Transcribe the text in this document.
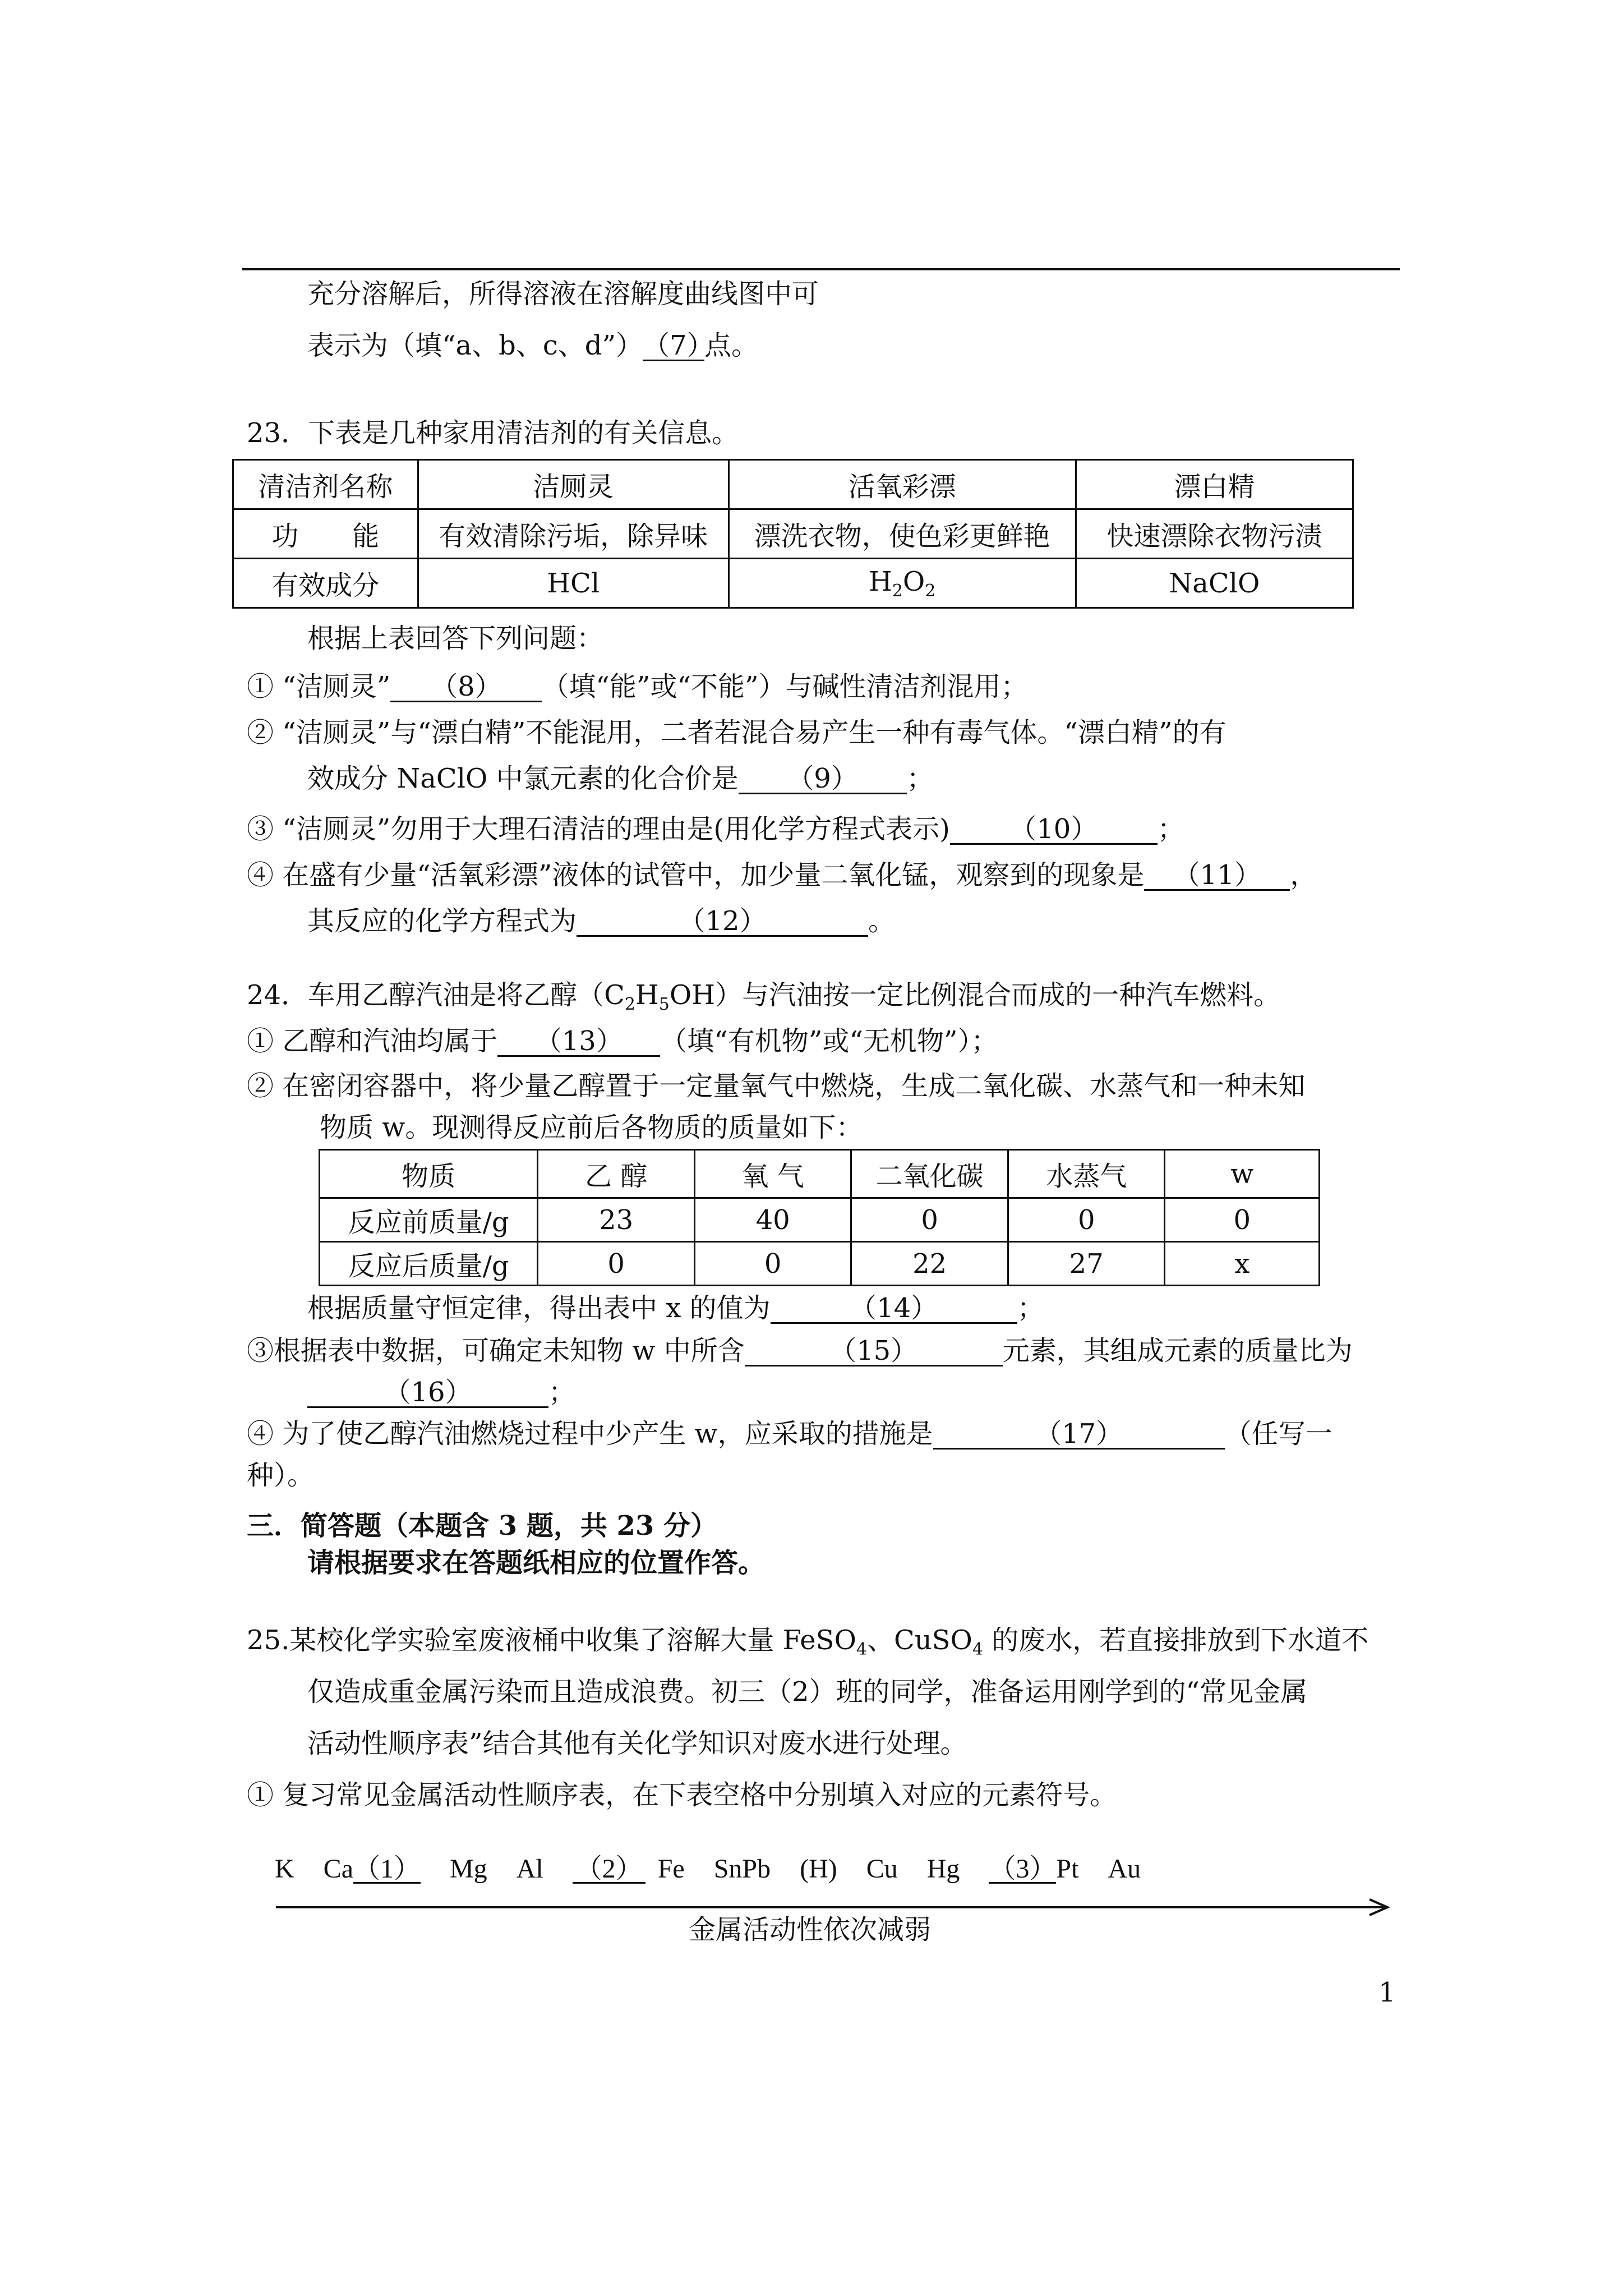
充分溶解后，所得溶液在溶解度曲线图中可
表示为（填“a、b、c、d”）（7）点。
23．下表是几种家用清洁剂的有关信息。
清洁剂名称	洁厕灵	活氧彩漂	漂白精
功　　能	有效清除污垢，除异味	漂洗衣物，使色彩更鲜艳	快速漂除衣物污渍
有效成分	HCl	$H_2O_2$	NaClO
根据上表回答下列问题：
① “洁厕灵” （8） （填“能”或“不能”）与碱性清洁剂混用；
② “洁厕灵”与“漂白精”不能混用，二者若混合易产生一种有毒气体。“漂白精”的有
效成分 NaClO 中氯元素的化合价是 （9） ；
③ “洁厕灵”勿用于大理石清洁的理由是(用化学方程式表示) （10） ；
④ 在盛有少量“活氧彩漂”液体的试管中，加少量二氧化锰，观察到的现象是 （11） ，
其反应的化学方程式为	（12）	。
24．车用乙醇汽油是将乙醇$(C_2H_5OH)$与汽油按一定比例混合而成的一种汽车燃料。
① 乙醇和汽油均属于 （13） （填“有机物”或“无机物”）；
② 在密闭容器中，将少量乙醇置于一定量氧气中燃烧，生成二氧化碳、水蒸气和一种未知
物质 w。现测得反应前后各物质的质量如下：
物质	乙 醇	氧 气	二氧化碳	水蒸气	w
反应前质量/g	23	40	0	0	0
反应后质量/g	0	0	22	27	x
根据质量守恒定律，得出表中 x 的值为	（14）	；
③根据表中数据，可确定未知物 w 中所含	（15）	元素，其组成元素的质量比为
（16）	；
④ 为了使乙醇汽油燃烧过程中少产生 w，应采取的措施是	（17）	（任写一
种）。
三．简答题（本题含 3 题，共 23 分）
请根据要求在答题纸相应的位置作答。
25.某校化学实验室废液桶中收集了溶解大量 FeSO$_4$、CuSO$_4$ 的废水，若直接排放到下水道不
仅造成重金属污染而且造成浪费。初三（2）班的同学，准备运用刚学到的“常见金属
活动性顺序表”结合其他有关化学知识对废水进行处理。
① 复习常见金属活动性顺序表，在下表空格中分别填入对应的元素符号。
K Ca（1） Mg Al （2） Fe SnPb (H) Cu Hg （3）Pt Au
金属活动性依次减弱
1
